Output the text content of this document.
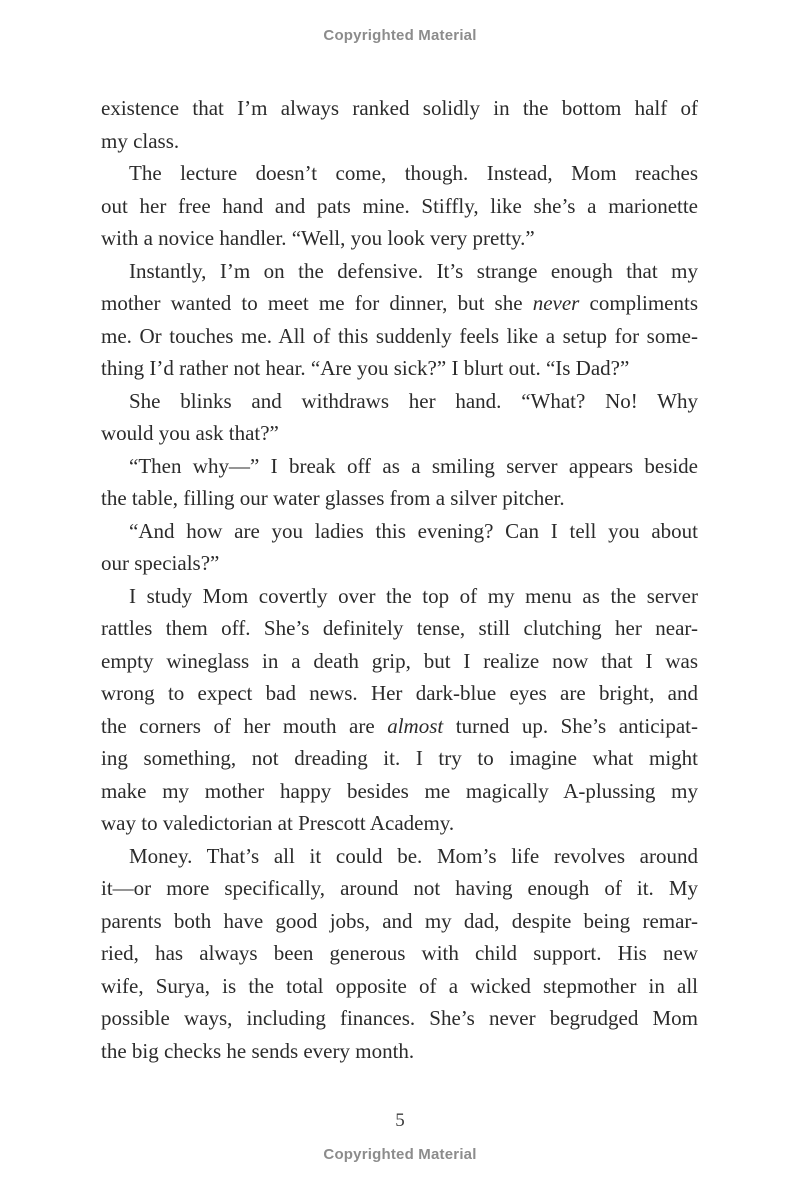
Copyrighted Material
existence that I’m always ranked solidly in the bottom half of
my class.
The lecture doesn’t come, though. Instead, Mom reaches
out her free hand and pats mine. Stiffly, like she’s a marionette
with a novice handler. “Well, you look very pretty.”
Instantly, I’m on the defensive. It’s strange enough that my
mother wanted to meet me for dinner, but she never compliments
me. Or touches me. All of this suddenly feels like a setup for some-
thing I’d rather not hear. “Are you sick?” I blurt out. “Is Dad?”
She blinks and withdraws her hand. “What? No! Why
would you ask that?”
“Then why—” I break off as a smiling server appears beside
the table, filling our water glasses from a silver pitcher.
“And how are you ladies this evening? Can I tell you about
our specials?”
I study Mom covertly over the top of my menu as the server
rattles them off. She’s definitely tense, still clutching her near-
empty wineglass in a death grip, but I realize now that I was
wrong to expect bad news. Her dark-blue eyes are bright, and
the corners of her mouth are almost turned up. She’s anticipat-
ing something, not dreading it. I try to imagine what might
make my mother happy besides me magically A-plussing my
way to valedictorian at Prescott Academy.
Money. That’s all it could be. Mom’s life revolves around
it—or more specifically, around not having enough of it. My
parents both have good jobs, and my dad, despite being remar-
ried, has always been generous with child support. His new
wife, Surya, is the total opposite of a wicked stepmother in all
possible ways, including finances. She’s never begrudged Mom
the big checks he sends every month.
5
Copyrighted Material
